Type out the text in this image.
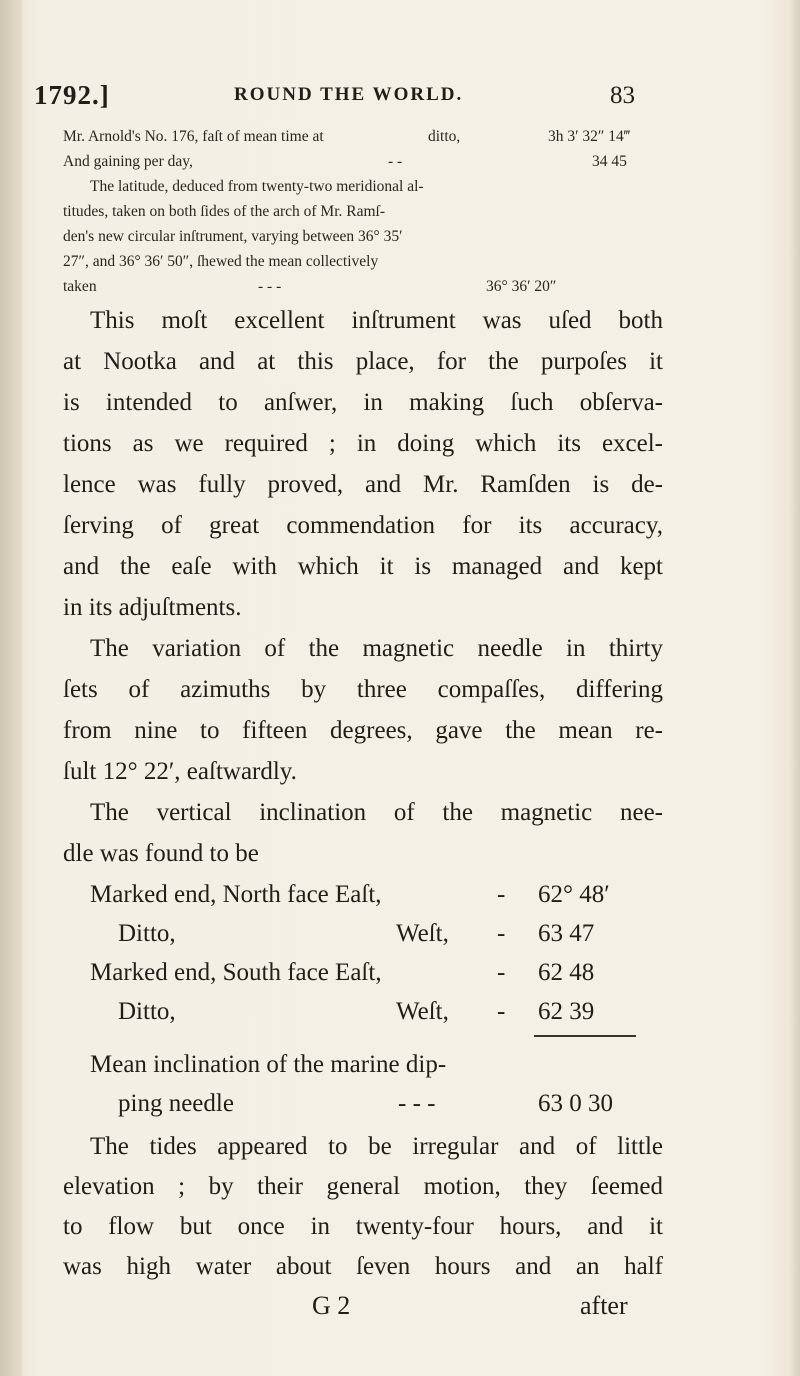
1792.]	ROUND THE WORLD.	83
Mr. Arnold's No. 176, faſt of mean time at	ditto,	3h 3′ 32″ 14‴
And gaining per day,	- -	34 45
The latitude, deduced from twenty-two meridional al-
titudes, taken on both ſides of the arch of Mr. Ramſ-
den's new circular inſtrument, varying between 36° 35′
27″, and 36° 36′ 50″, ſhewed the mean collectively
taken	- - -	36° 36′ 20″
This moſt excellent inſtrument was uſed both
at Nootka and at this place, for the purpoſes it
is intended to anſwer, in making ſuch obſerva-
tions as we required ; in doing which its excel-
lence was fully proved, and Mr. Ramſden is de-
ſerving of great commendation for its accuracy,
and the eaſe with which it is managed and kept
in its adjuſtments.
The variation of the magnetic needle in thirty
ſets of azimuths by three compaſſes, differing
from nine to fifteen degrees, gave the mean re-
ſult 12° 22′, eaſtwardly.
The vertical inclination of the magnetic nee-
dle was found to be
Marked end, North face Eaſt,	- 62° 48′
Ditto,	Weſt, - 63 47
Marked end, South face Eaſt,	- 62 48
Ditto,	Weſt, - 62 39
Mean inclination of the marine dip-
ping needle	- - -	63 0 30
The tides appeared to be irregular and of little
elevation ; by their general motion, they ſeemed
to flow but once in twenty-four hours, and it
was high water about ſeven hours and an half
G 2	after
